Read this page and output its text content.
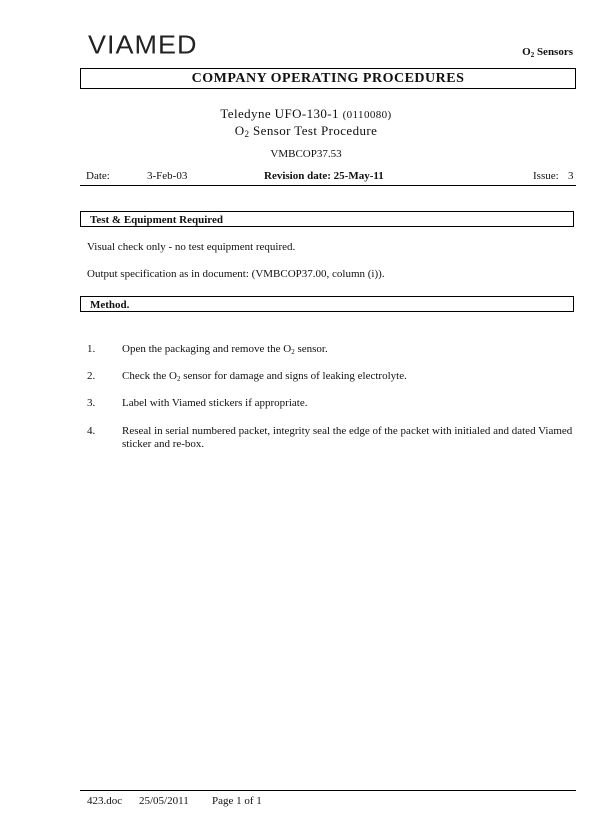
VIAMED	$O_2$ Sensors
COMPANY OPERATING PROCEDURES
Teledyne UFO-130-1 (0110080)
$O_2$ Sensor Test Procedure
VMBCOP37.53
Date:	3-Feb-03	Revision date: 25-May-11	Issue: 3
Test & Equipment Required
Visual check only - no test equipment required.
Output specification as in document: (VMBCOP37.00, column (i)).
Method.
1. Open the packaging and remove the $O_2$ sensor.
2. Check the $O_2$ sensor for damage and signs of leaking electrolyte.
3. Label with Viamed stickers if appropriate.
4. Reseal in serial numbered packet, integrity seal the edge of the packet with initialed and dated Viamed sticker and re-box.
423.doc 25/05/2011 Page 1 of 1
